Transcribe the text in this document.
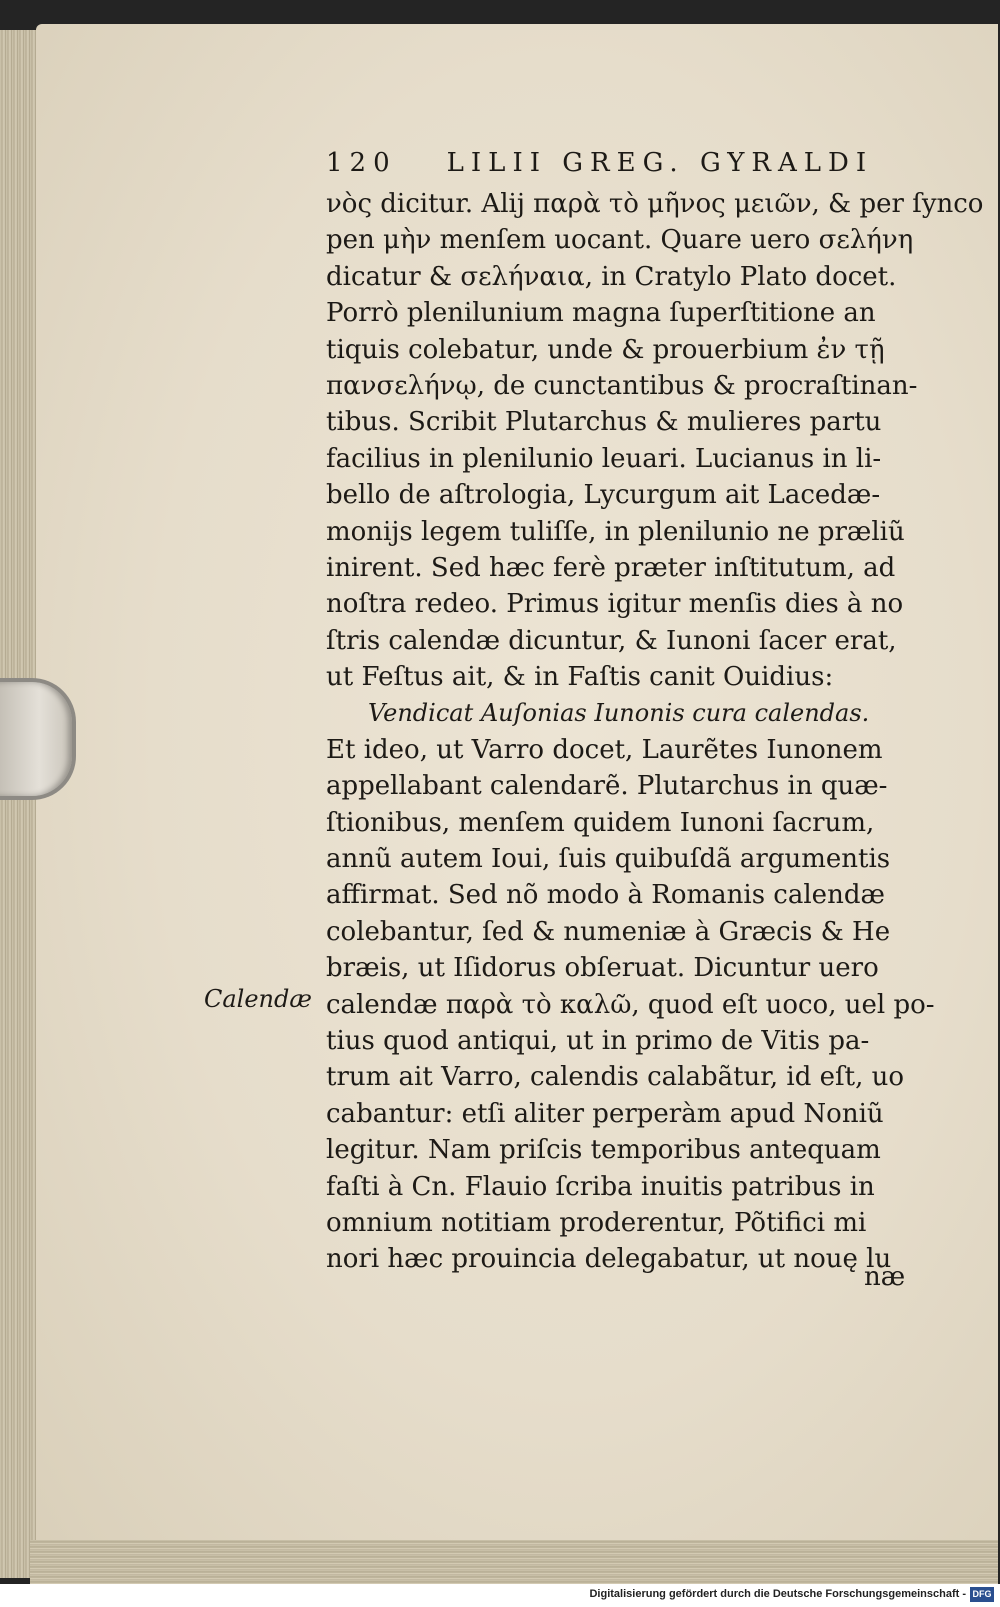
120 LILII GREG. GYRALDI
νὸς dicitur. Alij παρὰ τὸ μῆνος μειῶν, & per ſynco
pen μὴν menſem uocant. Quare uero σελήνη
dicatur & σελήναια, in Cratylo Plato docet.
Porrò plenilunium magna ſuperſtitione an
tiquis colebatur, unde & prouerbium ἐν τῇ
πανσελήνῳ, de cunctantibus & procraſtinan-
tibus. Scribit Plutarchus & mulieres partu
facilius in plenilunio leuari. Lucianus in li-
bello de aſtrologia, Lycurgum ait Lacedæ-
monijs legem tuliſſe, in plenilunio ne præliũ
inirent. Sed hæc ferè præter inſtitutum, ad
noſtra redeo. Primus igitur menſis dies à no
ſtris calendæ dicuntur, & Iunoni ſacer erat,
ut Feſtus ait, & in Faſtis canit Ouidius:
Vendicat Auſonias Iunonis cura calendas.
Et ideo, ut Varro docet, Laurẽtes Iunonem
appellabant calendarẽ. Plutarchus in quæ-
ſtionibus, menſem quidem Iunoni ſacrum,
annũ autem Ioui, ſuis quibuſdã argumentis
affirmat. Sed nõ modo à Romanis calendæ
colebantur, ſed & numeniæ à Græcis & He
bræis, ut Iſidorus obſeruat. Dicuntur uero
calendæ παρὰ τὸ καλῶ, quod eſt uoco, uel po-
tius quod antiqui, ut in primo de Vitis pa-
trum ait Varro, calendis calabãtur, id eſt, uo
cabantur: etſi aliter perperàm apud Noniũ
legitur. Nam priſcis temporibus antequam
faſti à Cn. Flauio ſcriba inuitis patribus in
omnium notitiam proderentur, Põtifici mi
nori hæc prouincia delegabatur, ut nouę lu
næ
Calendæ
Digitalisierung gefördert durch die Deutsche Forschungsgemeinschaft - DFG
